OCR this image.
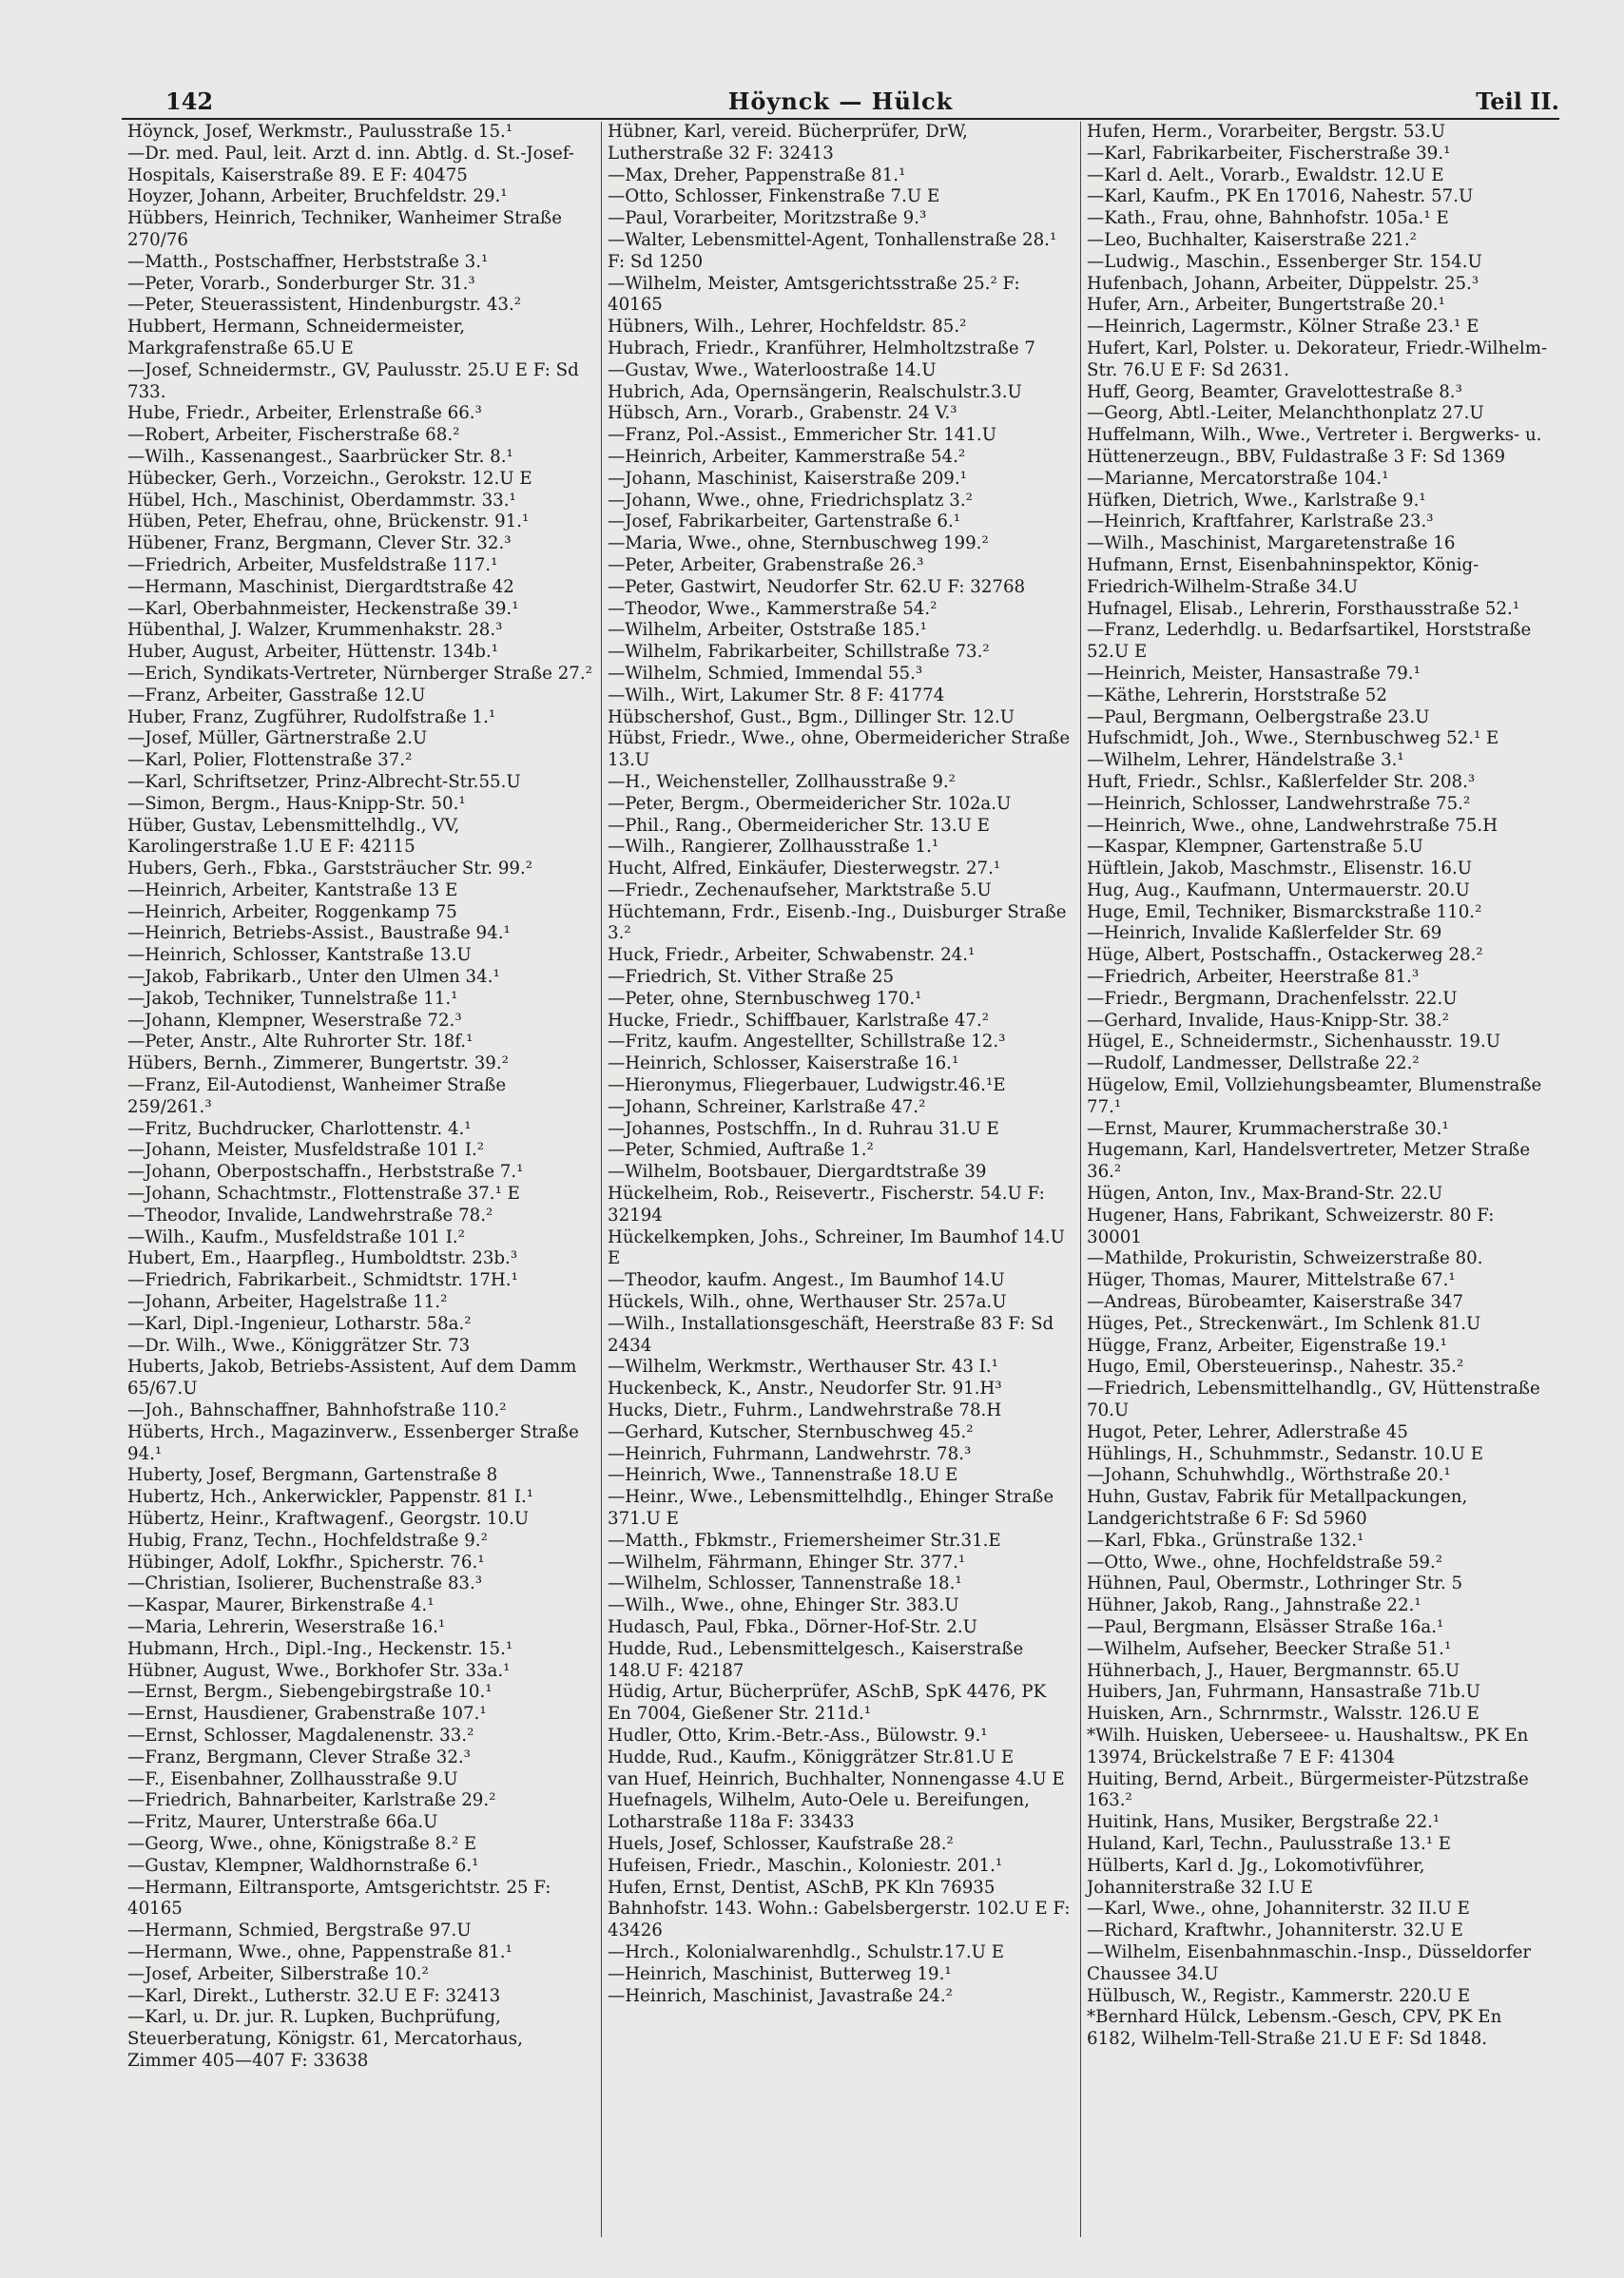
142	Höynck — Hülck	Teil II.
Höynck, Josef, Werkmstr., Paulusstraße 15.¹
—Dr. med. Paul, leit. Arzt d. inn. Abtlg. d. St.-Josef-Hospitals, Kaiserstraße 89. E F: 40475
Hoyzer, Johann, Arbeiter, Bruchfeldstr. 29.¹
Hübbers, Heinrich, Techniker, Wanheimer Straße 270/76
—Matth., Postschaffner, Herbststraße 3.¹
—Peter, Vorarb., Sonderburger Str. 31.³
—Peter, Steuerassistent, Hindenburgstr. 43.²
Hubbert, Hermann, Schneidermeister, Markgrafenstraße 65.U E
—Josef, Schneidermstr., GV, Paulusstr. 25.U E F: Sd 733.
Hube, Friedr., Arbeiter, Erlenstraße 66.³
—Robert, Arbeiter, Fischerstraße 68.²
—Wilh., Kassenangest., Saarbrücker Str. 8.¹
Hübecker, Gerh., Vorzeichn., Gerokstr. 12.U E
Hübel, Hch., Maschinist, Oberdammstr. 33.¹
Hüben, Peter, Ehefrau, ohne, Brückenstr. 91.¹
Hübener, Franz, Bergmann, Clever Str. 32.³
—Friedrich, Arbeiter, Musfeldstraße 117.¹
—Hermann, Maschinist, Diergardtstraße 42
—Karl, Oberbahnmeister, Heckenstraße 39.¹
Hübenthal, J. Walzer, Krummenhakstr. 28.³
Huber, August, Arbeiter, Hüttenstr. 134b.¹
—Erich, Syndikats-Vertreter, Nürnberger Straße 27.²
—Franz, Arbeiter, Gasstraße 12.U
Huber, Franz, Zugführer, Rudolfstraße 1.¹
—Josef, Müller, Gärtnerstraße 2.U
—Karl, Polier, Flottenstraße 37.²
—Karl, Schriftsetzer, Prinz-Albrecht-Str.55.U
—Simon, Bergm., Haus-Knipp-Str. 50.¹
Hüber, Gustav, Lebensmittelhdlg., VV, Karolingerstraße 1.U E F: 42115
Hubers, Gerh., Fbka., Garststräucher Str. 99.²
—Heinrich, Arbeiter, Kantstraße 13 E
—Heinrich, Arbeiter, Roggenkamp 75
—Heinrich, Betriebs-Assist., Baustraße 94.¹
—Heinrich, Schlosser, Kantstraße 13.U
—Jakob, Fabrikarb., Unter den Ulmen 34.¹
—Jakob, Techniker, Tunnelstraße 11.¹
—Johann, Klempner, Weserstraße 72.³
—Peter, Anstr., Alte Ruhrorter Str. 18f.¹
Hübers, Bernh., Zimmerer, Bungertstr. 39.²
—Franz, Eil-Autodienst, Wanheimer Straße 259/261.³
—Fritz, Buchdrucker, Charlottenstr. 4.¹
—Johann, Meister, Musfeldstraße 101 I.²
—Johann, Oberpostschaffn., Herbststraße 7.¹
—Johann, Schachtmstr., Flottenstraße 37.¹ E
—Theodor, Invalide, Landwehrstraße 78.²
—Wilh., Kaufm., Musfeldstraße 101 I.²
Hubert, Em., Haarpfleg., Humboldtstr. 23b.³
—Friedrich, Fabrikarbeit., Schmidtstr. 17H.¹
—Johann, Arbeiter, Hagelstraße 11.²
—Karl, Dipl.-Ingenieur, Lotharstr. 58a.²
—Dr. Wilh., Wwe., Königgrätzer Str. 73
Huberts, Jakob, Betriebs-Assistent, Auf dem Damm 65/67.U
—Joh., Bahnschaffner, Bahnhofstraße 110.²
Hüberts, Hrch., Magazinverw., Essenberger Straße 94.¹
Huberty, Josef, Bergmann, Gartenstraße 8
Hubertz, Hch., Ankerwickler, Pappenstr. 81 I.¹
Hübertz, Heinr., Kraftwagenf., Georgstr. 10.U
Hubig, Franz, Techn., Hochfeldstraße 9.²
Hübinger, Adolf, Lokfhr., Spicherstr. 76.¹
—Christian, Isolierer, Buchenstraße 83.³
—Kaspar, Maurer, Birkenstraße 4.¹
—Maria, Lehrerin, Weserstraße 16.¹
Hubmann, Hrch., Dipl.-Ing., Heckenstr. 15.¹
Hübner, August, Wwe., Borkhofer Str. 33a.¹
—Ernst, Bergm., Siebengebirgstraße 10.¹
—Ernst, Hausdiener, Grabenstraße 107.¹
—Ernst, Schlosser, Magdalenenstr. 33.²
—Franz, Bergmann, Clever Straße 32.³
—F., Eisenbahner, Zollhausstraße 9.U
—Friedrich, Bahnarbeiter, Karlstraße 29.²
—Fritz, Maurer, Unterstraße 66a.U
—Georg, Wwe., ohne, Königstraße 8.² E
—Gustav, Klempner, Waldhornstraße 6.¹
—Hermann, Eiltransporte, Amtsgerichtstr. 25 F: 40165
—Hermann, Schmied, Bergstraße 97.U
—Hermann, Wwe., ohne, Pappenstraße 81.¹
—Josef, Arbeiter, Silberstraße 10.²
—Karl, Direkt., Lutherstr. 32.U E F: 32413
—Karl, u. Dr. jur. R. Lupken, Buchprüfung, Steuerberatung, Königstr. 61, Mercatorhaus, Zimmer 405—407 F: 33638
Hübner, Karl, vereid. Bücherprüfer, DrW, Lutherstraße 32 F: 32413
—Max, Dreher, Pappenstraße 81.¹
—Otto, Schlosser, Finkenstraße 7.U E
—Paul, Vorarbeiter, Moritzstraße 9.³
—Walter, Lebensmittel-Agent, Tonhallenstraße 28.¹ F: Sd 1250
—Wilhelm, Meister, Amtsgerichtsstraße 25.² F: 40165
Hübners, Wilh., Lehrer, Hochfeldstr. 85.²
Hubrach, Friedr., Kranführer, Helmholtzstraße 7
—Gustav, Wwe., Waterloostraße 14.U
Hubrich, Ada, Opernsängerin, Realschulstr.3.U
Hübsch, Arn., Vorarb., Grabenstr. 24 V.³
—Franz, Pol.-Assist., Emmericher Str. 141.U
—Heinrich, Arbeiter, Kammerstraße 54.²
—Johann, Maschinist, Kaiserstraße 209.¹
—Johann, Wwe., ohne, Friedrichsplatz 3.²
—Josef, Fabrikarbeiter, Gartenstraße 6.¹
—Maria, Wwe., ohne, Sternbuschweg 199.²
—Peter, Arbeiter, Grabenstraße 26.³
—Peter, Gastwirt, Neudorfer Str. 62.U F: 32768
—Theodor, Wwe., Kammerstraße 54.²
—Wilhelm, Arbeiter, Oststraße 185.¹
—Wilhelm, Fabrikarbeiter, Schillstraße 73.²
—Wilhelm, Schmied, Immendal 55.³
—Wilh., Wirt, Lakumer Str. 8 F: 41774
Hübschershof, Gust., Bgm., Dillinger Str. 12.U
Hübst, Friedr., Wwe., ohne, Obermeidericher Straße 13.U
—H., Weichensteller, Zollhausstraße 9.²
—Peter, Bergm., Obermeidericher Str. 102a.U
—Phil., Rang., Obermeidericher Str. 13.U E
—Wilh., Rangierer, Zollhausstraße 1.¹
Hucht, Alfred, Einkäufer, Diesterwegstr. 27.¹
—Friedr., Zechenaufseher, Marktstraße 5.U
Hüchtemann, Frdr., Eisenb.-Ing., Duisburger Straße 3.²
Huck, Friedr., Arbeiter, Schwabenstr. 24.¹
—Friedrich, St. Vither Straße 25
—Peter, ohne, Sternbuschweg 170.¹
Hucke, Friedr., Schiffbauer, Karlstraße 47.²
—Fritz, kaufm. Angestellter, Schillstraße 12.³
—Heinrich, Schlosser, Kaiserstraße 16.¹
—Hieronymus, Fliegerbauer, Ludwigstr.46.¹E
—Johann, Schreiner, Karlstraße 47.²
—Johannes, Postschffn., In d. Ruhrau 31.U E
—Peter, Schmied, Auftraße 1.²
—Wilhelm, Bootsbauer, Diergardtstraße 39
Hückelheim, Rob., Reisevertr., Fischerstr. 54.U F: 32194
Hückelkempken, Johs., Schreiner, Im Baumhof 14.U E
—Theodor, kaufm. Angest., Im Baumhof 14.U
Hückels, Wilh., ohne, Werthauser Str. 257a.U
—Wilh., Installationsgeschäft, Heerstraße 83 F: Sd 2434
—Wilhelm, Werkmstr., Werthauser Str. 43 I.¹
Huckenbeck, K., Anstr., Neudorfer Str. 91.H³
Hucks, Dietr., Fuhrm., Landwehrstraße 78.H
—Gerhard, Kutscher, Sternbuschweg 45.²
—Heinrich, Fuhrmann, Landwehrstr. 78.³
—Heinrich, Wwe., Tannenstraße 18.U E
—Heinr., Wwe., Lebensmittelhdlg., Ehinger Straße 371.U E
—Matth., Fbkmstr., Friemersheimer Str.31.E
—Wilhelm, Fährmann, Ehinger Str. 377.¹
—Wilhelm, Schlosser, Tannenstraße 18.¹
—Wilh., Wwe., ohne, Ehinger Str. 383.U
Hudasch, Paul, Fbka., Dörner-Hof-Str. 2.U
Hudde, Rud., Lebensmittelgesch., Kaiserstraße 148.U F: 42187
Hüdig, Artur, Bücherprüfer, ASchB, SpK 4476, PK En 7004, Gießener Str. 211d.¹
Hudler, Otto, Krim.-Betr.-Ass., Bülowstr. 9.¹
Hudde, Rud., Kaufm., Königgrätzer Str.81.U E
van Huef, Heinrich, Buchhalter, Nonnengasse 4.U E
Huefnagels, Wilhelm, Auto-Oele u. Bereifungen, Lotharstraße 118a F: 33433
Huels, Josef, Schlosser, Kaufstraße 28.²
Hufeisen, Friedr., Maschin., Koloniestr. 201.¹
Hufen, Ernst, Dentist, ASchB, PK Kln 76935 Bahnhofstr. 143. Wohn.: Gabelsbergerstr. 102.U E F: 43426
—Hrch., Kolonialwarenhdlg., Schulstr.17.U E
—Heinrich, Maschinist, Butterweg 19.¹
—Heinrich, Maschinist, Javastraße 24.²
Hufen, Herm., Vorarbeiter, Bergstr. 53.U
—Karl, Fabrikarbeiter, Fischerstraße 39.¹
—Karl d. Aelt., Vorarb., Ewaldstr. 12.U E
—Karl, Kaufm., PK En 17016, Nahestr. 57.U
—Kath., Frau, ohne, Bahnhofstr. 105a.¹ E
—Leo, Buchhalter, Kaiserstraße 221.²
—Ludwig., Maschin., Essenberger Str. 154.U
Hufenbach, Johann, Arbeiter, Düppelstr. 25.³
Hufer, Arn., Arbeiter, Bungertstraße 20.¹
—Heinrich, Lagermstr., Kölner Straße 23.¹ E
Hufert, Karl, Polster. u. Dekorateur, Friedr.-Wilhelm-Str. 76.U E F: Sd 2631.
Huff, Georg, Beamter, Gravelottestraße 8.³
—Georg, Abtl.-Leiter, Melanchthonplatz 27.U
Huffelmann, Wilh., Wwe., Vertreter i. Bergwerks- u. Hüttenerzeugn., BBV, Fuldastraße 3 F: Sd 1369
—Marianne, Mercatorstraße 104.¹
Hüfken, Dietrich, Wwe., Karlstraße 9.¹
—Heinrich, Kraftfahrer, Karlstraße 23.³
—Wilh., Maschinist, Margaretenstraße 16
Hufmann, Ernst, Eisenbahninspektor, König-Friedrich-Wilhelm-Straße 34.U
Hufnagel, Elisab., Lehrerin, Forsthausstraße 52.¹
—Franz, Lederhdlg. u. Bedarfsartikel, Horststraße 52.U E
—Heinrich, Meister, Hansastraße 79.¹
—Käthe, Lehrerin, Horststraße 52
—Paul, Bergmann, Oelbergstraße 23.U
Hufschmidt, Joh., Wwe., Sternbuschweg 52.¹ E
—Wilhelm, Lehrer, Händelstraße 3.¹
Huft, Friedr., Schlsr., Kaßlerfelder Str. 208.³
—Heinrich, Schlosser, Landwehrstraße 75.²
—Heinrich, Wwe., ohne, Landwehrstraße 75.H
—Kaspar, Klempner, Gartenstraße 5.U
Hüftlein, Jakob, Maschmstr., Elisenstr. 16.U
Hug, Aug., Kaufmann, Untermauerstr. 20.U
Huge, Emil, Techniker, Bismarckstraße 110.²
—Heinrich, Invalide Kaßlerfelder Str. 69
Hüge, Albert, Postschaffn., Ostackerweg 28.²
—Friedrich, Arbeiter, Heerstraße 81.³
—Friedr., Bergmann, Drachenfelsstr. 22.U
—Gerhard, Invalide, Haus-Knipp-Str. 38.²
Hügel, E., Schneidermstr., Sichenhausstr. 19.U
—Rudolf, Landmesser, Dellstraße 22.²
Hügelow, Emil, Vollziehungsbeamter, Blumenstraße 77.¹
—Ernst, Maurer, Krummacherstraße 30.¹
Hugemann, Karl, Handelsvertreter, Metzer Straße 36.²
Hügen, Anton, Inv., Max-Brand-Str. 22.U
Hugener, Hans, Fabrikant, Schweizerstr. 80 F: 30001
—Mathilde, Prokuristin, Schweizerstraße 80.
Hüger, Thomas, Maurer, Mittelstraße 67.¹
—Andreas, Bürobeamter, Kaiserstraße 347
Hüges, Pet., Streckenwärt., Im Schlenk 81.U
Hügge, Franz, Arbeiter, Eigenstraße 19.¹
Hugo, Emil, Obersteuerinsp., Nahestr. 35.²
—Friedrich, Lebensmittelhandlg., GV, Hüttenstraße 70.U
Hugot, Peter, Lehrer, Adlerstraße 45
Hühlings, H., Schuhmmstr., Sedanstr. 10.U E
—Johann, Schuhwhdlg., Wörthstraße 20.¹
Huhn, Gustav, Fabrik für Metallpackungen, Landgerichtstraße 6 F: Sd 5960
—Karl, Fbka., Grünstraße 132.¹
—Otto, Wwe., ohne, Hochfeldstraße 59.²
Hühnen, Paul, Obermstr., Lothringer Str. 5
Hühner, Jakob, Rang., Jahnstraße 22.¹
—Paul, Bergmann, Elsässer Straße 16a.¹
—Wilhelm, Aufseher, Beecker Straße 51.¹
Hühnerbach, J., Hauer, Bergmannstr. 65.U
Huibers, Jan, Fuhrmann, Hansastraße 71b.U
Huisken, Arn., Schrnrmstr., Walsstr. 126.U E
*Wilh. Huisken, Ueberseee- u. Haushaltsw., PK En 13974, Brückelstraße 7 E F: 41304
Huiting, Bernd, Arbeit., Bürgermeister-Pützstraße 163.²
Huitink, Hans, Musiker, Bergstraße 22.¹
Huland, Karl, Techn., Paulusstraße 13.¹ E
Hülberts, Karl d. Jg., Lokomotivführer, Johanniterstraße 32 I.U E
—Karl, Wwe., ohne, Johanniterstr. 32 II.U E
—Richard, Kraftwhr., Johanniterstr. 32.U E
—Wilhelm, Eisenbahnmaschin.-Insp., Düsseldorfer Chaussee 34.U
Hülbusch, W., Registr., Kammerstr. 220.U E
*Bernhard Hülck, Lebensm.-Gesch, CPV, PK En 6182, Wilhelm-Tell-Straße 21.U E F: Sd 1848.
